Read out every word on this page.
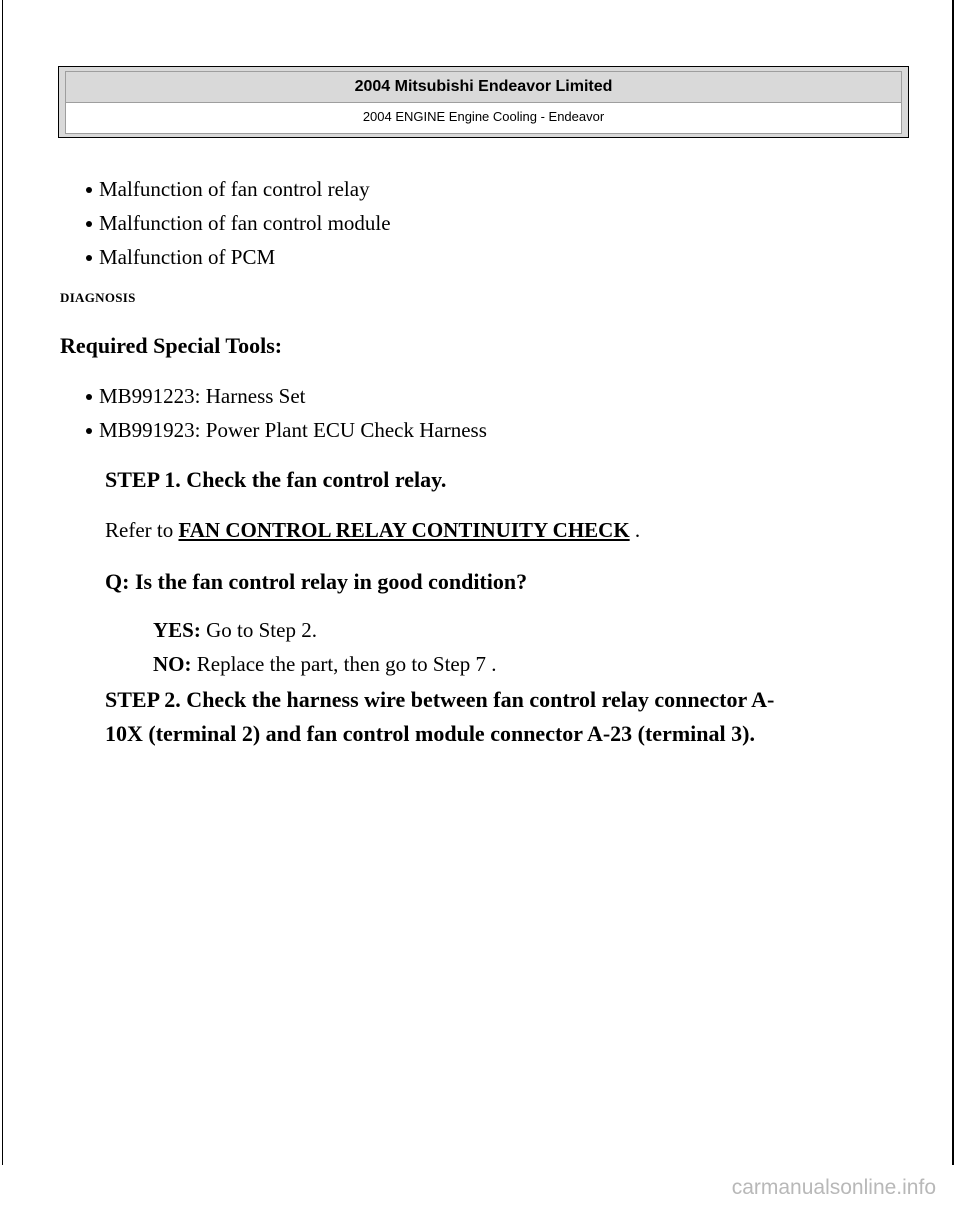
2004 Mitsubishi Endeavor Limited
2004 ENGINE Engine Cooling - Endeavor
Malfunction of fan control relay
Malfunction of fan control module
Malfunction of PCM
DIAGNOSIS
Required Special Tools:
MB991223: Harness Set
MB991923: Power Plant ECU Check Harness
STEP 1. Check the fan control relay.
Refer to FAN CONTROL RELAY CONTINUITY CHECK .
Q: Is the fan control relay in good condition?
YES: Go to Step 2.
NO: Replace the part, then go to Step 7 .
STEP 2. Check the harness wire between fan control relay connector A-
10X (terminal 2) and fan control module connector A-23 (terminal 3).
carmanualsonline.info
